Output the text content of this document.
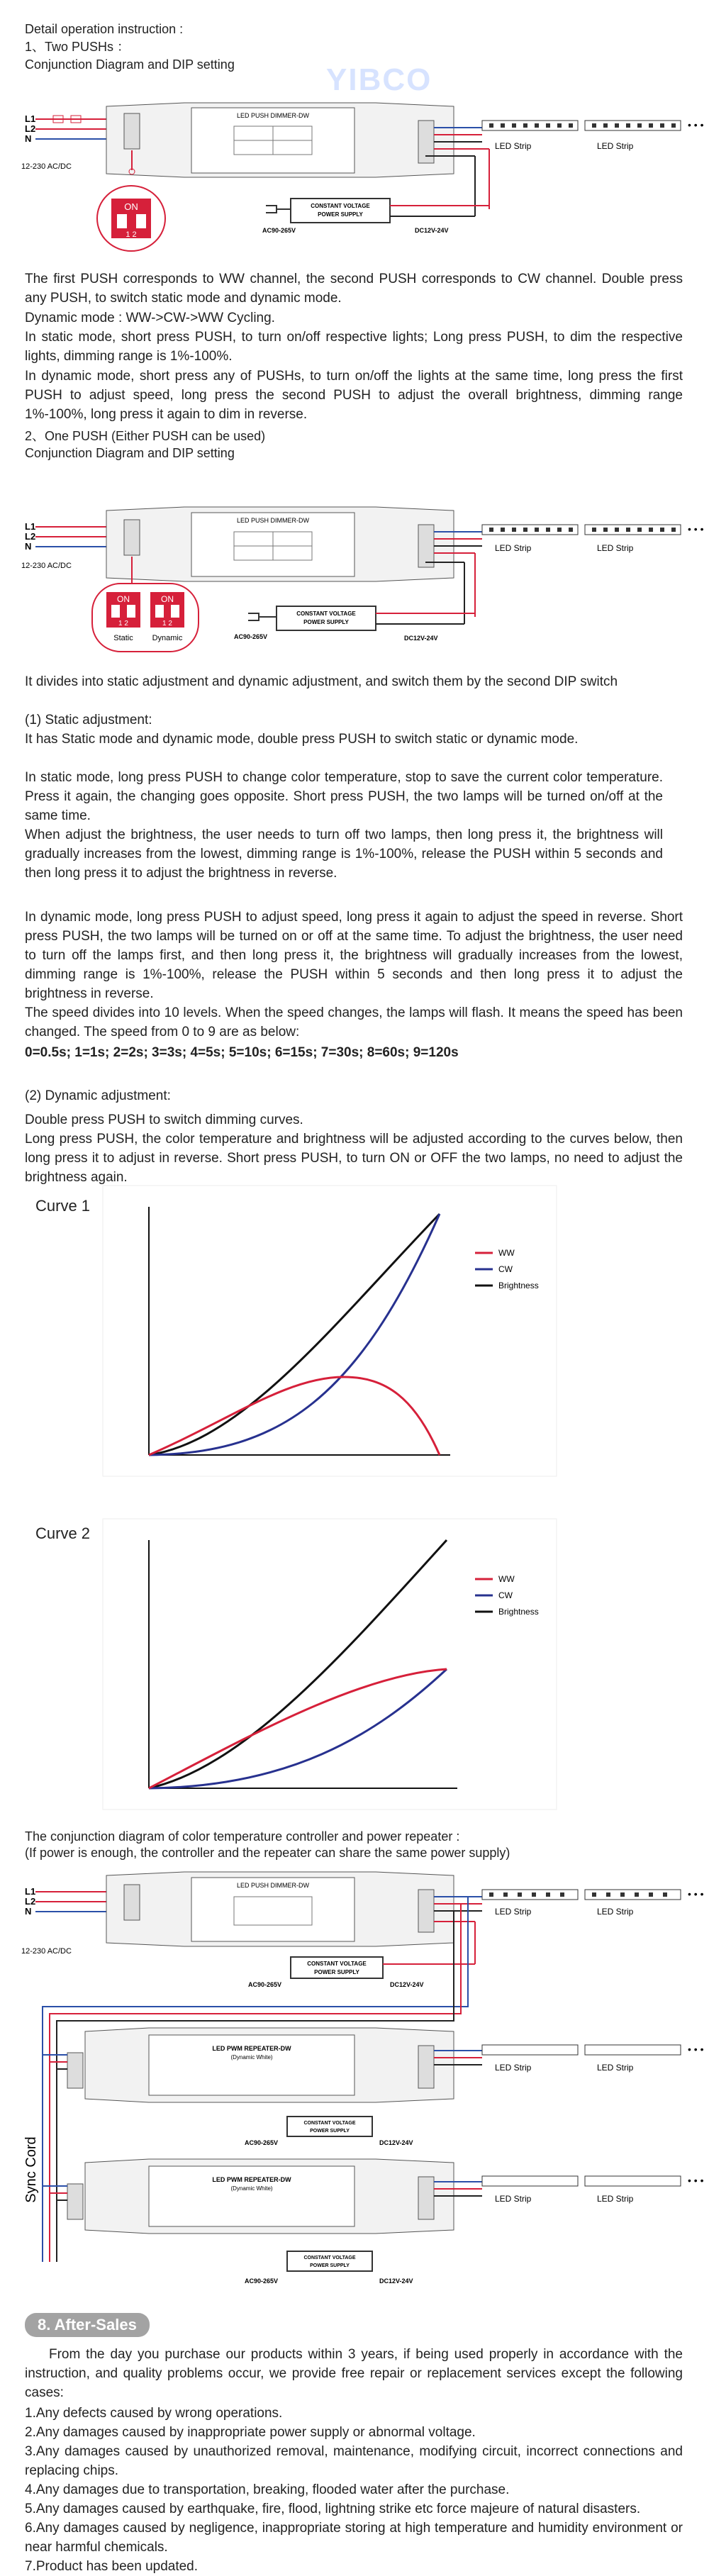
Detail operation instruction :
1、Two PUSHs ：
Conjunction Diagram and DIP setting	YIBCO
L1
L2
N
12-230 AC/DC
LED PUSH DIMMER-DW
ON
1 2
• • •
LED Strip	LED Strip
CONSTANT VOLTAGE
POWER SUPPLY
DC12V-24V
AC90-265V
The first PUSH corresponds to WW channel, the second PUSH corresponds to CW channel. Double press any PUSH, to switch static mode and dynamic mode.
Dynamic mode : WW->CW->WW Cycling.
In static mode, short press PUSH, to turn on/off respective lights; Long press PUSH, to dim the respective lights, dimming range is 1%-100%.
In dynamic mode, short press any of PUSHs, to turn on/off the lights at the same time, long press the first PUSH to adjust speed, long press the second PUSH to adjust the overall brightness, dimming range 1%-100%, long press it again to dim in reverse.
2、One PUSH (Either PUSH can be used)
Conjunction Diagram and DIP setting
L1
L2
N
12-230 AC/DC
LED PUSH DIMMER-DW
ON	ON
1 2	1 2
Static Dynamic
• • •
LED Strip	LED Strip
CONSTANT VOLTAGE
POWER SUPPLY
DC12V-24V
AC90-265V
It divides into static adjustment and dynamic adjustment, and switch them by the second DIP switch
(1) Static adjustment:
It has Static mode and dynamic mode, double press PUSH to switch static or dynamic mode.
In static mode, long press PUSH to change color temperature, stop to save the current color temperature. Press it again, the changing goes opposite. Short press PUSH, the two lamps will be turned on/off at the same time.
When adjust the brightness, the user needs to turn off two lamps, then long press it, the brightness will gradually increases from the lowest, dimming range is 1%-100%, release the PUSH within 5 seconds and then long press it to adjust the brightness in reverse.
In dynamic mode, long press PUSH to adjust speed, long press it again to adjust the speed in reverse. Short press PUSH, the two lamps will be turned on or off at the same time. To adjust the brightness, the user need to turn off the lamps first, and then long press it, the brightness will gradually increases from the lowest, dimming range is 1%-100%, release the PUSH within 5 seconds and then long press it to adjust the brightness in reverse.
The speed divides into 10 levels. When the speed changes, the lamps will flash. It means the speed has been changed. The speed from 0 to 9 are as below:
0=0.5s; 1=1s; 2=2s; 3=3s; 4=5s; 5=10s; 6=15s; 7=30s; 8=60s; 9=120s
(2) Dynamic adjustment:
Double press PUSH to switch dimming curves.
Long press PUSH, the color temperature and brightness will be adjusted according to the curves below, then long press it to adjust in reverse. Short press PUSH, to turn ON or OFF the two lamps, no need to adjust the brightness again.
Curve 1
WW
CW
Brightness
Curve 2
WW
CW
Brightness
The conjunction diagram of color temperature controller and power repeater :
(If power is enough, the controller and the repeater can share the same power supply)
L1
L2
N
12-230 AC/DC
LED PUSH DIMMER-DW
• • •
LED Strip	LED Strip
CONSTANT VOLTAGE
POWER SUPPLY
AC90-265V	DC12V-24V
Sync Cord
LED PWM REPEATER-DW
(Dynamic White)
• • •
LED Strip	LED Strip
CONSTANT VOLTAGE
POWER SUPPLY
AC90-265V	DC12V-24V
LED PWM REPEATER-DW
(Dynamic White)
• • •
LED Strip	LED Strip
CONSTANT VOLTAGE
POWER SUPPLY
AC90-265V	DC12V-24V
8. After-Sales
From the day you purchase our products within 3 years, if being used properly in accordance with the instruction, and quality problems occur, we provide free repair or replacement services except the following cases:

1.Any defects caused by wrong operations.

2.Any damages caused by inappropriate power supply or abnormal voltage.

3.Any damages caused by unauthorized removal, maintenance, modifying circuit, incorrect connections and replacing chips.

4.Any damages due to transportation, breaking, flooded water after the purchase.

5.Any damages caused by earthquake, fire, flood, lightning strike etc force majeure of natural disasters.

6.Any damages caused by negligence, inappropriate storing at high temperature and humidity environment or near harmful chemicals.

7.Product has been updated.
